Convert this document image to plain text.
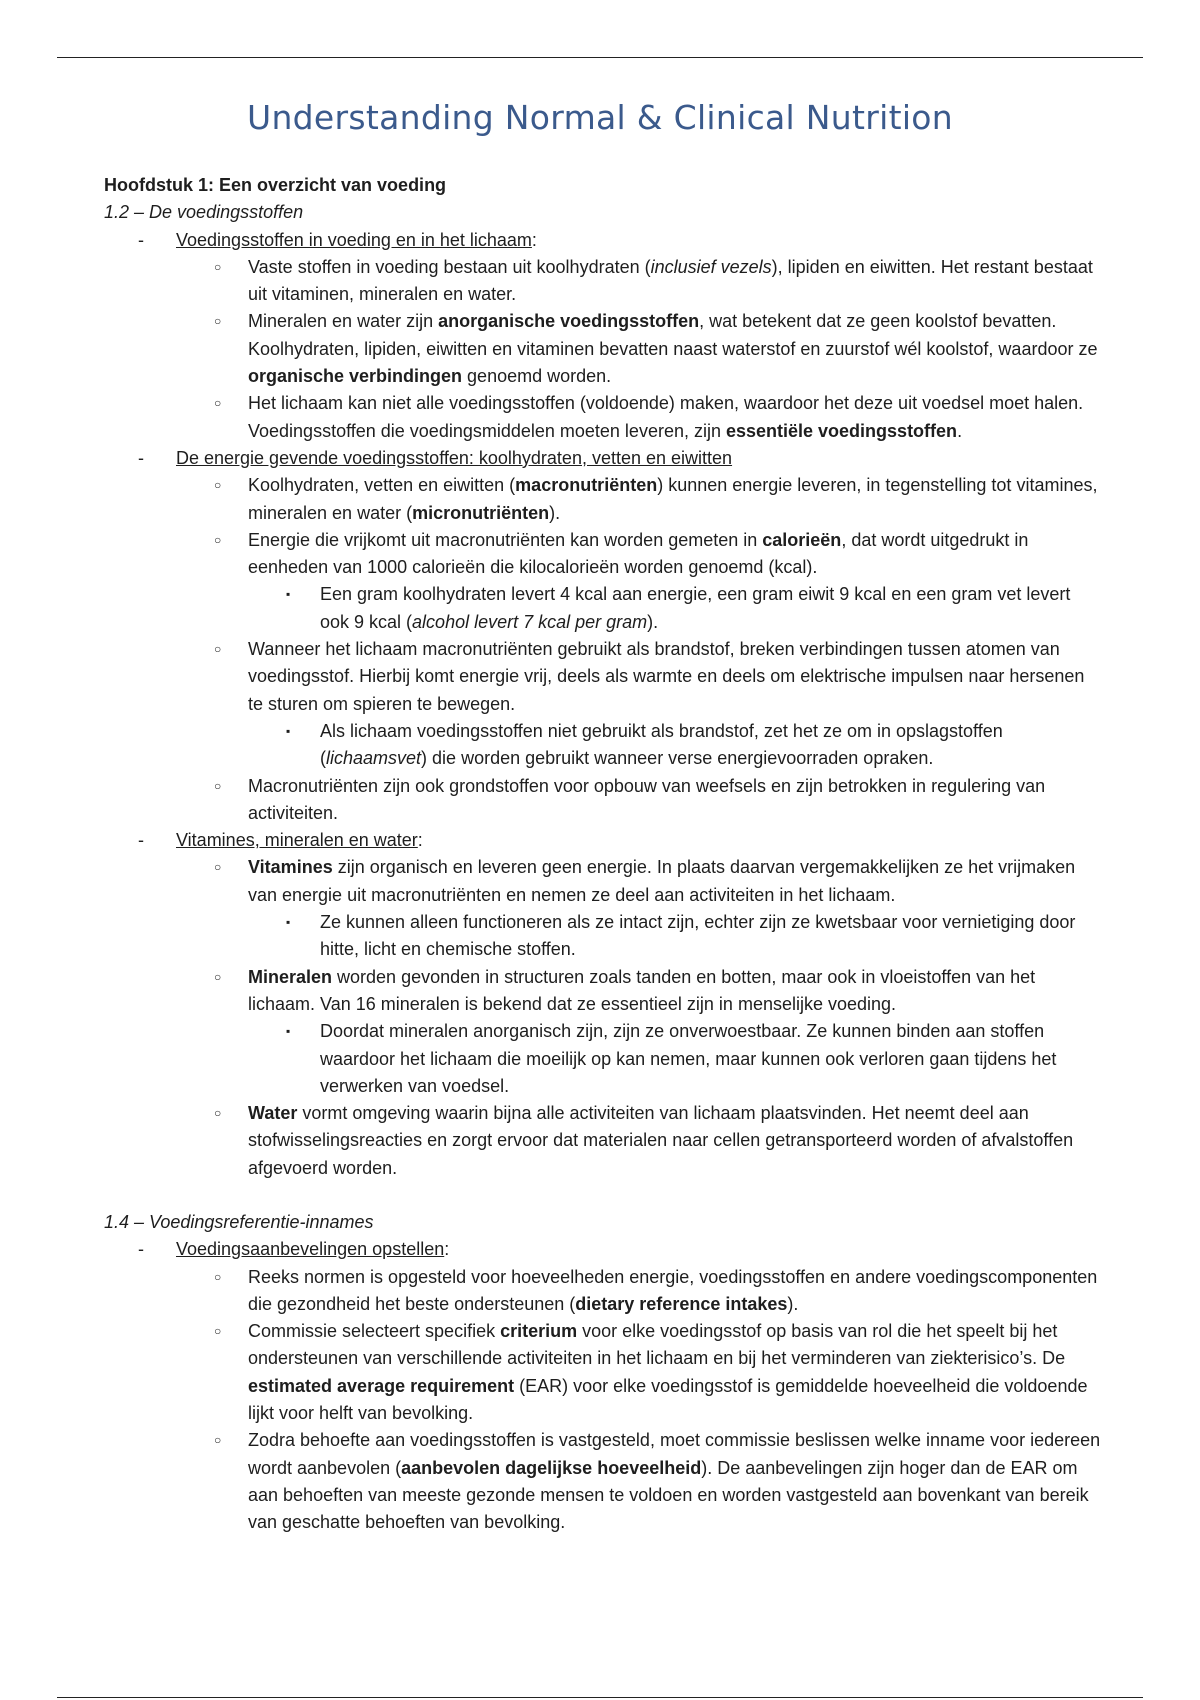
Understanding Normal & Clinical Nutrition
Hoofdstuk 1: Een overzicht van voeding
1.2 – De voedingsstoffen
- Voedingsstoffen in voeding en in het lichaam:
○ Vaste stoffen in voeding bestaan uit koolhydraten (inclusief vezels), lipiden en eiwitten. Het restant bestaat uit vitaminen, mineralen en water.
○ Mineralen en water zijn anorganische voedingsstoffen, wat betekent dat ze geen koolstof bevatten. Koolhydraten, lipiden, eiwitten en vitaminen bevatten naast waterstof en zuurstof wél koolstof, waardoor ze organische verbindingen genoemd worden.
○ Het lichaam kan niet alle voedingsstoffen (voldoende) maken, waardoor het deze uit voedsel moet halen. Voedingsstoffen die voedingsmiddelen moeten leveren, zijn essentiële voedingsstoffen.
- De energie gevende voedingsstoffen: koolhydraten, vetten en eiwitten
○ Koolhydraten, vetten en eiwitten (macronutriënten) kunnen energie leveren, in tegenstelling tot vitamines, mineralen en water (micronutriënten).
○ Energie die vrijkomt uit macronutriënten kan worden gemeten in calorieën, dat wordt uitgedrukt in eenheden van 1000 calorieën die kilocalorieën worden genoemd (kcal).
▪ Een gram koolhydraten levert 4 kcal aan energie, een gram eiwit 9 kcal en een gram vet levert ook 9 kcal (alcohol levert 7 kcal per gram).
○ Wanneer het lichaam macronutriënten gebruikt als brandstof, breken verbindingen tussen atomen van voedingsstof. Hierbij komt energie vrij, deels als warmte en deels om elektrische impulsen naar hersenen te sturen om spieren te bewegen.
▪ Als lichaam voedingsstoffen niet gebruikt als brandstof, zet het ze om in opslagstoffen (lichaamsvet) die worden gebruikt wanneer verse energievoorraden opraken.
○ Macronutriënten zijn ook grondstoffen voor opbouw van weefsels en zijn betrokken in regulering van activiteiten.
- Vitamines, mineralen en water:
○ Vitamines zijn organisch en leveren geen energie. In plaats daarvan vergemakkelijken ze het vrijmaken van energie uit macronutriënten en nemen ze deel aan activiteiten in het lichaam.
▪ Ze kunnen alleen functioneren als ze intact zijn, echter zijn ze kwetsbaar voor vernietiging door hitte, licht en chemische stoffen.
○ Mineralen worden gevonden in structuren zoals tanden en botten, maar ook in vloeistoffen van het lichaam. Van 16 mineralen is bekend dat ze essentieel zijn in menselijke voeding.
▪ Doordat mineralen anorganisch zijn, zijn ze onverwoestbaar. Ze kunnen binden aan stoffen waardoor het lichaam die moeilijk op kan nemen, maar kunnen ook verloren gaan tijdens het verwerken van voedsel.
○ Water vormt omgeving waarin bijna alle activiteiten van lichaam plaatsvinden. Het neemt deel aan stofwisselingsreacties en zorgt ervoor dat materialen naar cellen getransporteerd worden of afvalstoffen afgevoerd worden.
1.4 – Voedingsreferentie-innames
- Voedingsaanbevelingen opstellen:
○ Reeks normen is opgesteld voor hoeveelheden energie, voedingsstoffen en andere voedingscomponenten die gezondheid het beste ondersteunen (dietary reference intakes).
○ Commissie selecteert specifiek criterium voor elke voedingsstof op basis van rol die het speelt bij het ondersteunen van verschillende activiteiten in het lichaam en bij het verminderen van ziekterisico’s. De estimated average requirement (EAR) voor elke voedingsstof is gemiddelde hoeveelheid die voldoende lijkt voor helft van bevolking.
○ Zodra behoefte aan voedingsstoffen is vastgesteld, moet commissie beslissen welke inname voor iedereen wordt aanbevolen (aanbevolen dagelijkse hoeveelheid). De aanbevelingen zijn hoger dan de EAR om aan behoeften van meeste gezonde mensen te voldoen en worden vastgesteld aan bovenkant van bereik van geschatte behoeften van bevolking.
